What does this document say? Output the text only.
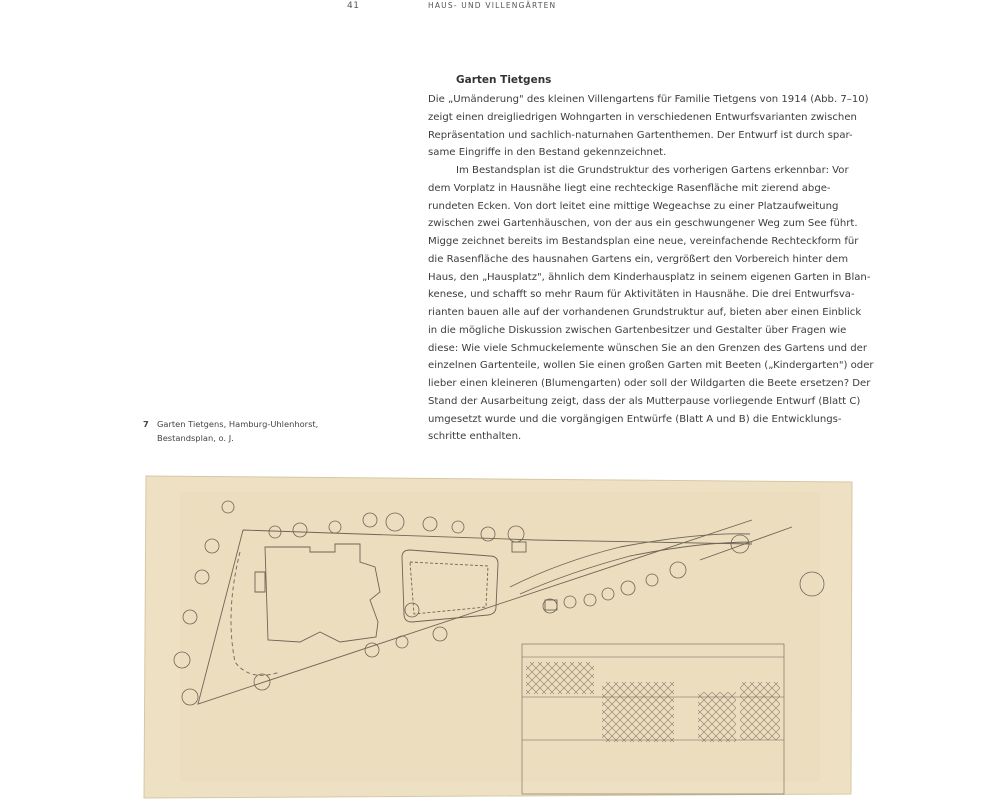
41	HAUS- UND VILLENGÄRTEN
Garten Tietgens
Die „Umänderung" des kleinen Villengartens für Familie Tietgens von 1914 (Abb. 7–10)
zeigt einen dreigliedrigen Wohngarten in verschiedenen Entwurfsvarianten zwischen
Repräsentation und sachlich-naturnahen Gartenthemen. Der Entwurf ist durch spar-
same Eingriffe in den Bestand gekennzeichnet.
Im Bestandsplan ist die Grundstruktur des vorherigen Gartens erkennbar: Vor
dem Vorplatz in Hausnähe liegt eine rechteckige Rasenfläche mit zierend abge-
rundeten Ecken. Von dort leitet eine mittige Wegeachse zu einer Platzaufweitung
zwischen zwei Gartenhäuschen, von der aus ein geschwungener Weg zum See führt.
Migge zeichnet bereits im Bestandsplan eine neue, vereinfachende Rechteckform für
die Rasenfläche des hausnahen Gartens ein, vergrößert den Vorbereich hinter dem
Haus, den „Hausplatz", ähnlich dem Kinderhausplatz in seinem eigenen Garten in Blan-
kenese, und schafft so mehr Raum für Aktivitäten in Hausnähe. Die drei Entwurfsva-
rianten bauen alle auf der vorhandenen Grundstruktur auf, bieten aber einen Einblick
in die mögliche Diskussion zwischen Gartenbesitzer und Gestalter über Fragen wie
diese: Wie viele Schmuckelemente wünschen Sie an den Grenzen des Gartens und der
einzelnen Gartenteile, wollen Sie einen großen Garten mit Beeten („Kindergarten") oder
lieber einen kleineren (Blumengarten) oder soll der Wildgarten die Beete ersetzen? Der
Stand der Ausarbeitung zeigt, dass der als Mutterpause vorliegende Entwurf (Blatt C)
umgesetzt wurde und die vorgängigen Entwürfe (Blatt A und B) die Entwicklungs-
schritte enthalten.
7 Garten Tietgens, Hamburg-Uhlenhorst,
Bestandsplan, o. J.
